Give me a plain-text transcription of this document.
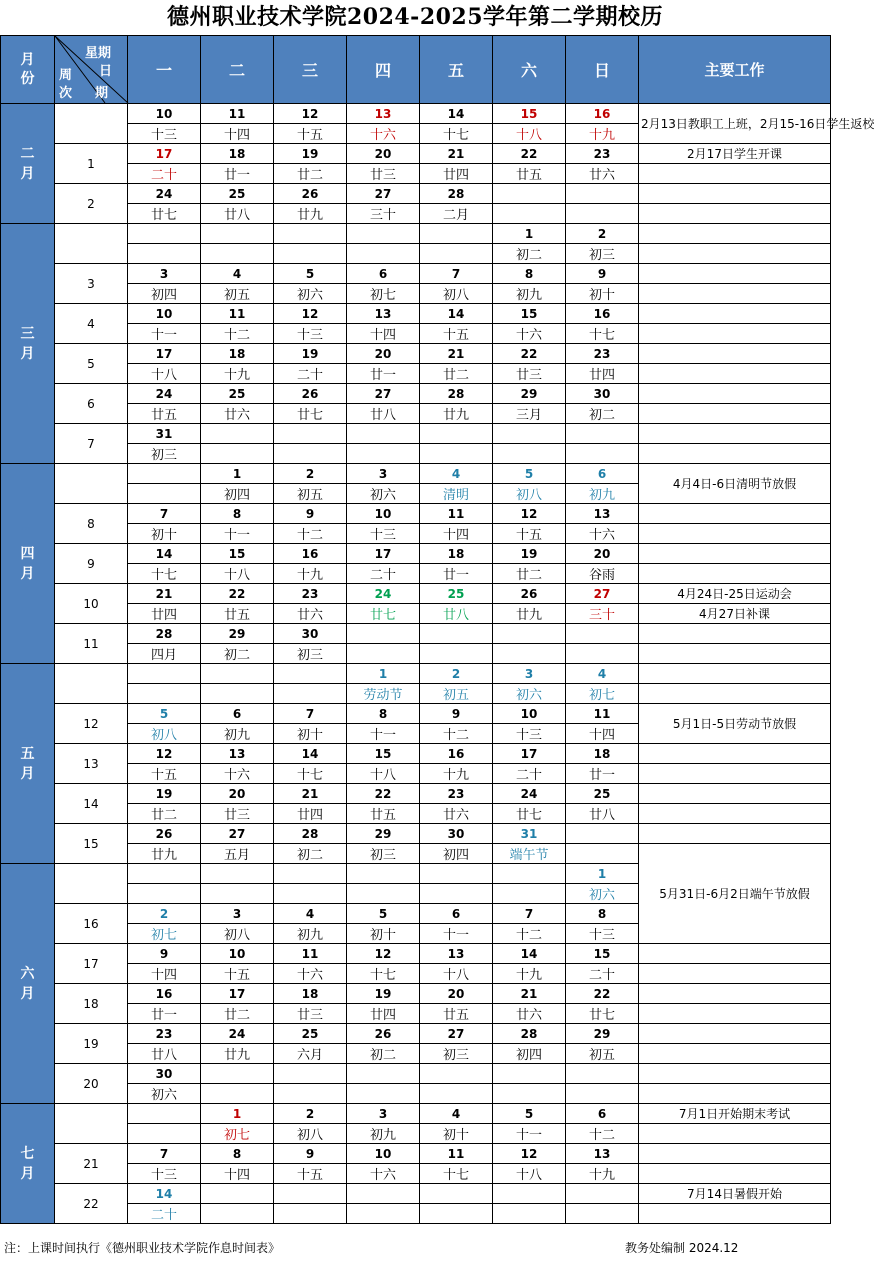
德州职业技术学院2024-2025学年第二学期校历
月份	星期
日
周
次 期	一	二	三	四	五	六	日	主要工作
二月		10	11	12	13	14	15	16	2月13日教职工上班，2月15-16日学生返校
		十三	十四	十五	十六	十七	十八	十九	
	1	17	18	19	20	21	22	23	2月17日学生开课
		二十	廿一	廿二	廿三	廿四	廿五	廿六	
	2	24	25	26	27	28			
		廿七	廿八	廿九	三十	二月			
三月							1	2	
							初二	初三	
	3	3	4	5	6	7	8	9	
		初四	初五	初六	初七	初八	初九	初十	
	4	10	11	12	13	14	15	16	
		十一	十二	十三	十四	十五	十六	十七	
	5	17	18	19	20	21	22	23	
		十八	十九	二十	廿一	廿二	廿三	廿四	
	6	24	25	26	27	28	29	30	
		廿五	廿六	廿七	廿八	廿九	三月	初二	
	7	31							
		初三							
四月			1	2	3	4	5	6	4月4日-6日清明节放假
			初四	初五	初六	清明	初八	初九	
	8	7	8	9	10	11	12	13	
		初十	十一	十二	十三	十四	十五	十六	
	9	14	15	16	17	18	19	20	
		十七	十八	十九	二十	廿一	廿二	谷雨	
	10	21	22	23	24	25	26	27	4月24日-25日运动会
		廿四	廿五	廿六	廿七	廿八	廿九	三十	4月27日补课
	11	28	29	30					
		四月	初二	初三					
五月					1	2	3	4	
					劳动节	初五	初六	初七	
	12	5	6	7	8	9	10	11	5月1日-5日劳动节放假
		初八	初九	初十	十一	十二	十三	十四	
	13	12	13	14	15	16	17	18	
		十五	十六	十七	十八	十九	二十	廿一	
	14	19	20	21	22	23	24	25	
		廿二	廿三	廿四	廿五	廿六	廿七	廿八	
	15	26	27	28	29	30	31		
		廿九	五月	初二	初三	初四	端午节		5月31日-6月2日端午节放假
六月								1	
								初六	
	16	2	3	4	5	6	7	8	
		初七	初八	初九	初十	十一	十二	十三	
	17	9	10	11	12	13	14	15	
		十四	十五	十六	十七	十八	十九	二十	
	18	16	17	18	19	20	21	22	
		廿一	廿二	廿三	廿四	廿五	廿六	廿七	
	19	23	24	25	26	27	28	29	
		廿八	廿九	六月	初二	初三	初四	初五	
	20	30							
		初六							
七月			1	2	3	4	5	6	7月1日开始期末考试
			初七	初八	初九	初十	十一	十二	
	21	7	8	9	10	11	12	13	
		十三	十四	十五	十六	十七	十八	十九	
	22	14							7月14日暑假开始
		二十							
注：上课时间执行《德州职业技术学院作息时间表》	教务处编制 2024.12
